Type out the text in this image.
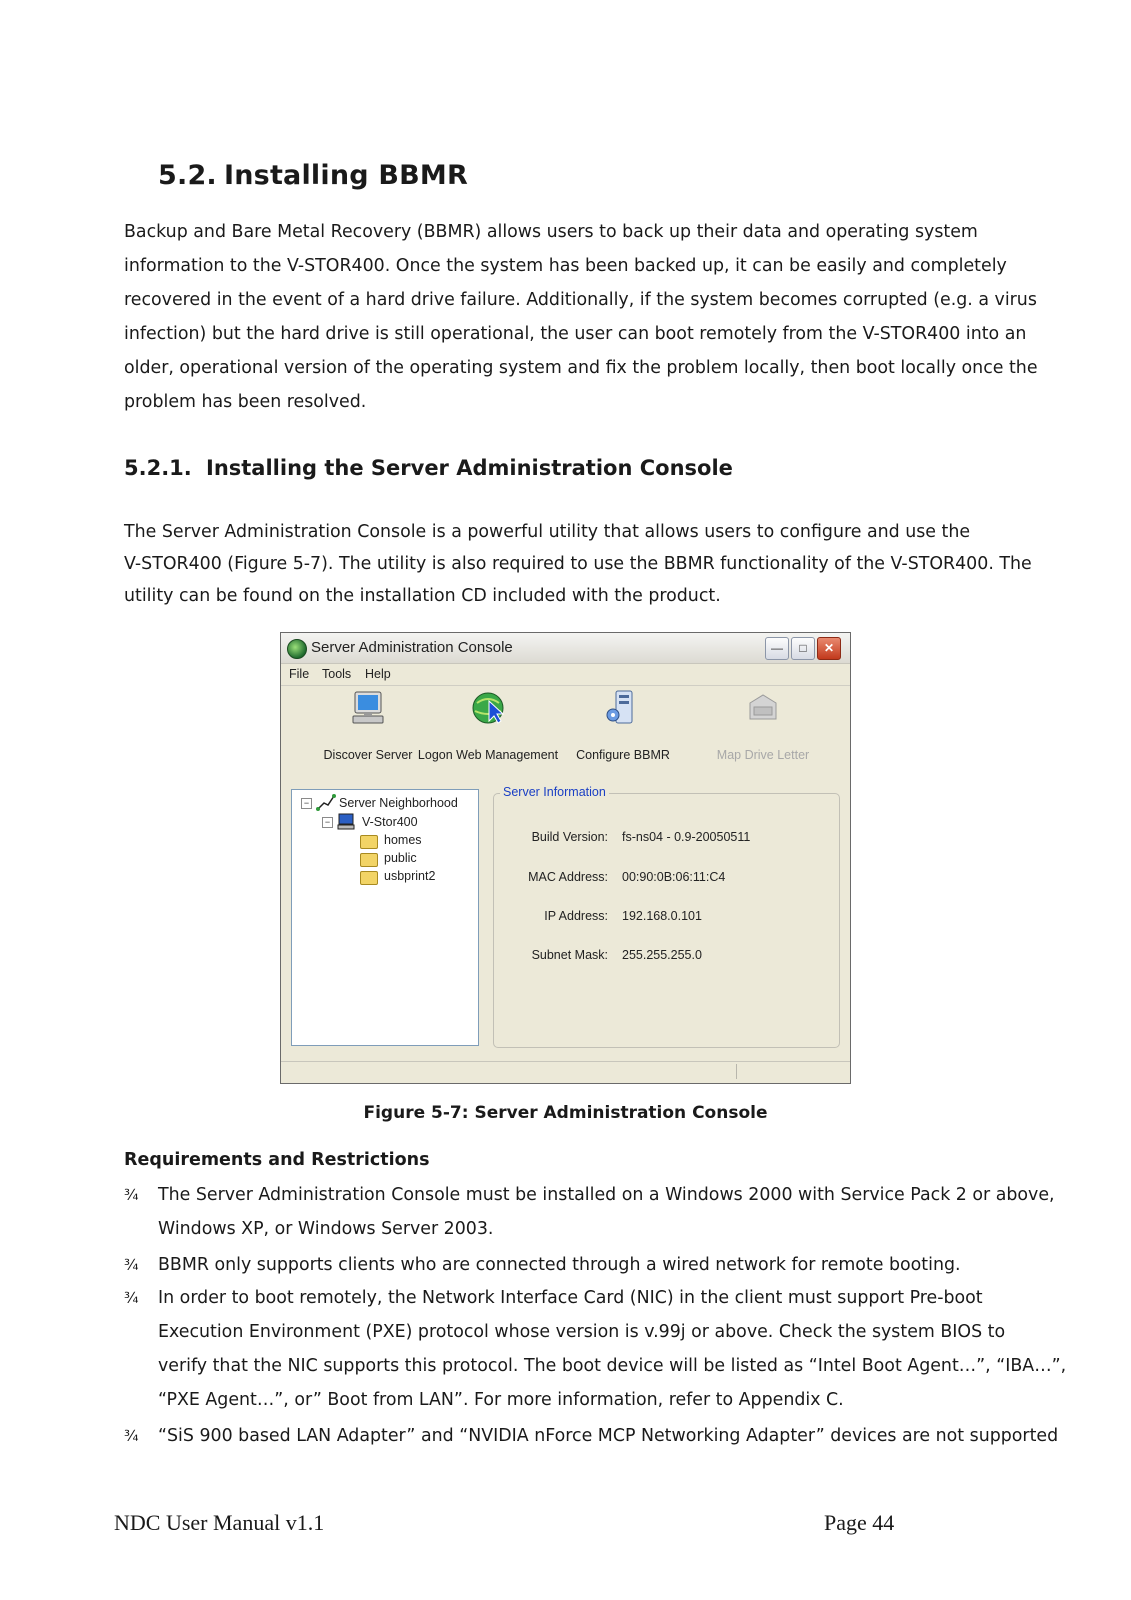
5.2. Installing BBMR
Backup and Bare Metal Recovery (BBMR) allows users to back up their data and operating system
information to the V-STOR400. Once the system has been backed up, it can be easily and completely
recovered in the event of a hard drive failure. Additionally, if the system becomes corrupted (e.g. a virus
infection) but the hard drive is still operational, the user can boot remotely from the V-STOR400 into an
older, operational version of the operating system and fix the problem locally, then boot locally once the
problem has been resolved.
5.2.1. Installing the Server Administration Console
The Server Administration Console is a powerful utility that allows users to configure and use the
V-STOR400 (Figure 5-7). The utility is also required to use the BBMR functionality of the V-STOR400. The
utility can be found on the installation CD included with the product.
Server Administration Console	—	□	✕
File Tools Help
Discover Server Logon Web Management	Configure BBMR	Map Drive Letter
− Server Neighborhood
−	V-Stor400
homes
public
usbprint2
Server Information
Build Version: fs-ns04 - 0.9-20050511
MAC Address: 00:90:0B:06:11:C4
IP Address: 192.168.0.101
Subnet Mask: 255.255.255.0
Figure 5-7: Server Administration Console
Requirements and Restrictions
¾ The Server Administration Console must be installed on a Windows 2000 with Service Pack 2 or above,
Windows XP, or Windows Server 2003.
¾ BBMR only supports clients who are connected through a wired network for remote booting.
¾ In order to boot remotely, the Network Interface Card (NIC) in the client must support Pre-boot
Execution Environment (PXE) protocol whose version is v.99j or above. Check the system BIOS to
verify that the NIC supports this protocol. The boot device will be listed as “Intel Boot Agent…”, “IBA…”,
“PXE Agent…”, or” Boot from LAN”. For more information, refer to Appendix C.
¾ “SiS 900 based LAN Adapter” and “NVIDIA nForce MCP Networking Adapter” devices are not supported
NDC User Manual v1.1	Page 44
